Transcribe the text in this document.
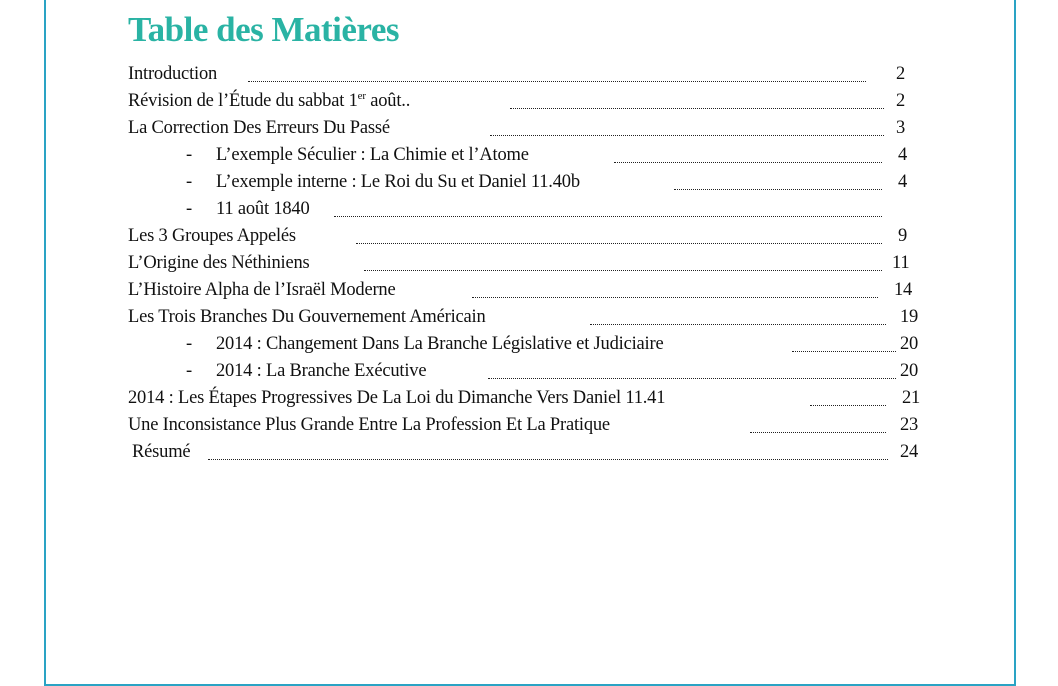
Table des Matières
Introduction	2
Révision de l’Étude du sabbat 1er août..	2
La Correction Des Erreurs Du Passé	3
- L’exemple Séculier : La Chimie et l’Atome	4
- L’exemple interne : Le Roi du Su et Daniel 11.40b	4
- 11 août 1840
Les 3 Groupes Appelés	9
L’Origine des Néthiniens	11
L’Histoire Alpha de l’Israël Moderne	14
Les Trois Branches Du Gouvernement Américain	19
- 2014 : Changement Dans La Branche Législative et Judiciaire	20
- 2014 : La Branche Exécutive	20
2014 : Les Étapes Progressives De La Loi du Dimanche Vers Daniel 11.41	21
Une Inconsistance Plus Grande Entre La Profession Et La Pratique	23
Résumé	24
